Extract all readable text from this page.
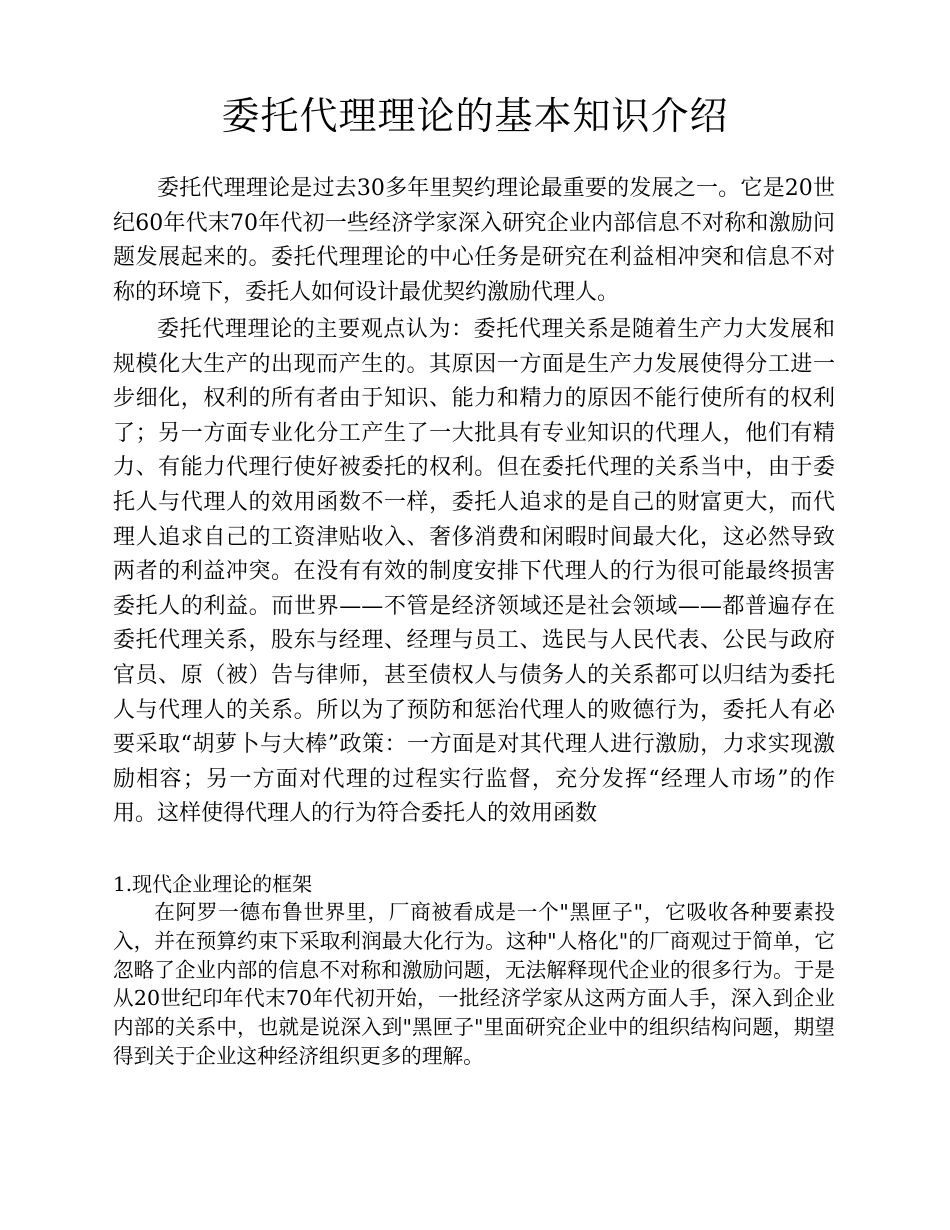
委托代理理论的基本知识介绍

委托代理理论是过去30多年里契约理论最重要的发展之一。它是20世纪60年代末70年代初一些经济学家深入研究企业内部信息不对称和激励问题发展起来的。委托代理理论的中心任务是研究在利益相冲突和信息不对称的环境下，委托人如何设计最优契约激励代理人。

委托代理理论的主要观点认为：委托代理关系是随着生产力大发展和规模化大生产的出现而产生的。其原因一方面是生产力发展使得分工进一步细化，权利的所有者由于知识、能力和精力的原因不能行使所有的权利了；另一方面专业化分工产生了一大批具有专业知识的代理人，他们有精力、有能力代理行使好被委托的权利。但在委托代理的关系当中，由于委托人与代理人的效用函数不一样，委托人追求的是自己的财富更大，而代理人追求自己的工资津贴收入、奢侈消费和闲暇时间最大化，这必然导致两者的利益冲突。在没有有效的制度安排下代理人的行为很可能最终损害委托人的利益。而世界——不管是经济领域还是社会领域——都普遍存在委托代理关系，股东与经理、经理与员工、选民与人民代表、公民与政府官员、原（被）告与律师，甚至债权人与债务人的关系都可以归结为委托人与代理人的关系。所以为了预防和惩治代理人的败德行为，委托人有必要采取“胡萝卜与大棒”政策：一方面是对其代理人进行激励，力求实现激励相容；另一方面对代理的过程实行监督，充分发挥“经理人市场”的作用。这样使得代理人的行为符合委托人的效用函数

1.现代企业理论的框架

在阿罗一德布鲁世界里，厂商被看成是一个"黑匣子"，它吸收各种要素投入，并在预算约束下采取利润最大化行为。这种"人格化"的厂商观过于简单，它忽略了企业内部的信息不对称和激励问题，无法解释现代企业的很多行为。于是从20世纪印年代末70年代初开始，一批经济学家从这两方面人手，深入到企业内部的关系中，也就是说深入到"黑匣子"里面研究企业中的组织结构问题，期望得到关于企业这种经济组织更多的理解。
